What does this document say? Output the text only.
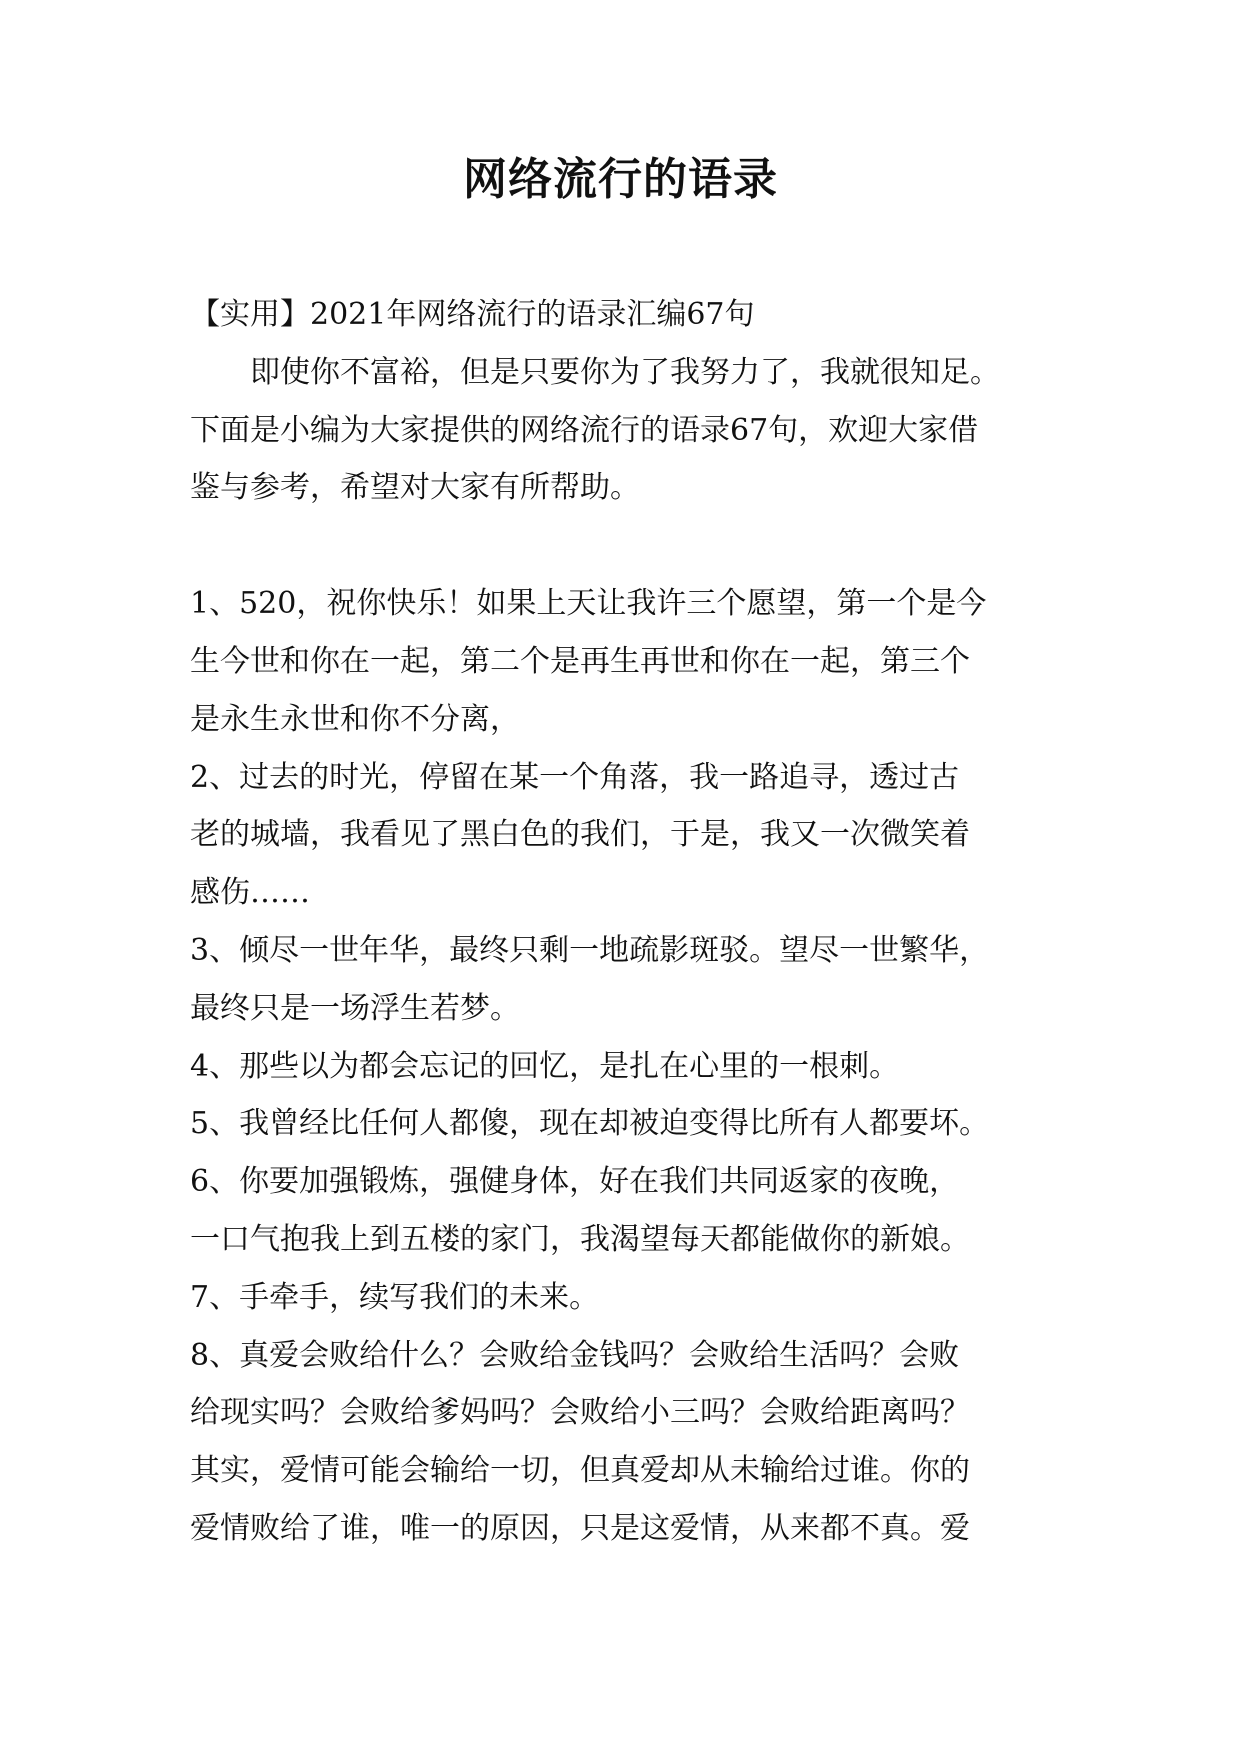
网络流行的语录
【实用】2021年网络流行的语录汇编67句
即使你不富裕，但是只要你为了我努力了，我就很知足。
下面是小编为大家提供的网络流行的语录67句，欢迎大家借
鉴与参考，希望对大家有所帮助。
1、520，祝你快乐！如果上天让我许三个愿望，第一个是今
生今世和你在一起，第二个是再生再世和你在一起，第三个
是永生永世和你不分离，
2、过去的时光，停留在某一个角落，我一路追寻，透过古
老的城墙，我看见了黑白色的我们，于是，我又一次微笑着
感伤……
3、倾尽一世年华，最终只剩一地疏影斑驳。望尽一世繁华，
最终只是一场浮生若梦。
4、那些以为都会忘记的回忆，是扎在心里的一根刺。
5、我曾经比任何人都傻，现在却被迫变得比所有人都要坏。
6、你要加强锻炼，强健身体，好在我们共同返家的夜晚，
一口气抱我上到五楼的家门，我渴望每天都能做你的新娘。
7、手牵手，续写我们的未来。
8、真爱会败给什么？会败给金钱吗？会败给生活吗？会败
给现实吗？会败给爹妈吗？会败给小三吗？会败给距离吗？
其实，爱情可能会输给一切，但真爱却从未输给过谁。你的
爱情败给了谁，唯一的原因，只是这爱情，从来都不真。爱
